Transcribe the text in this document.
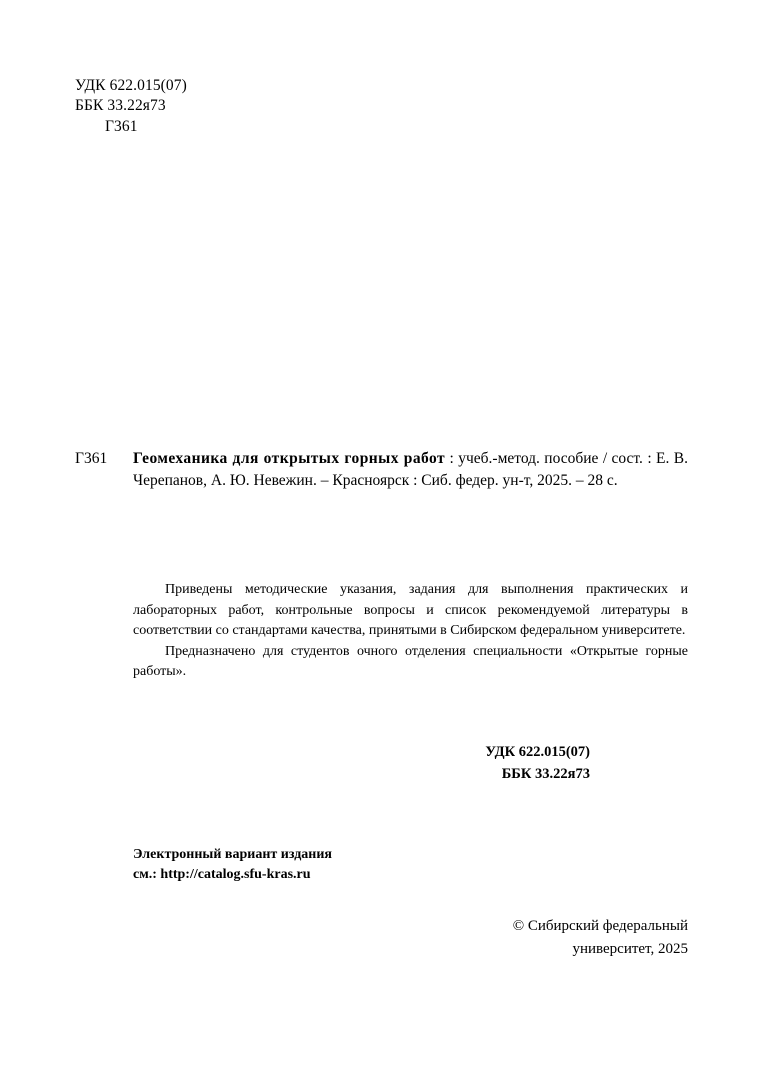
УДК 622.015(07)
ББК 33.22я73
Г361
Г361	Геомеханика для открытых горных работ : учеб.-метод. пособие / сост. : Е. В. Черепанов, А. Ю. Невежин. – Красноярск : Сиб. федер. ун-т, 2025. – 28 с.

Приведены методические указания, задания для выполнения практических и лабораторных работ, контрольные вопросы и список рекомендуемой литературы в соответствии со стандартами качества, принятыми в Сибирском федеральном университете.

Предназначено для студентов очного отделения специальности «Открытые горные работы».

УДК 622.015(07)
ББК 33.22я73
Электронный вариант издания
см.: http://catalog.sfu-kras.ru
© Сибирский федеральный
университет, 2025
